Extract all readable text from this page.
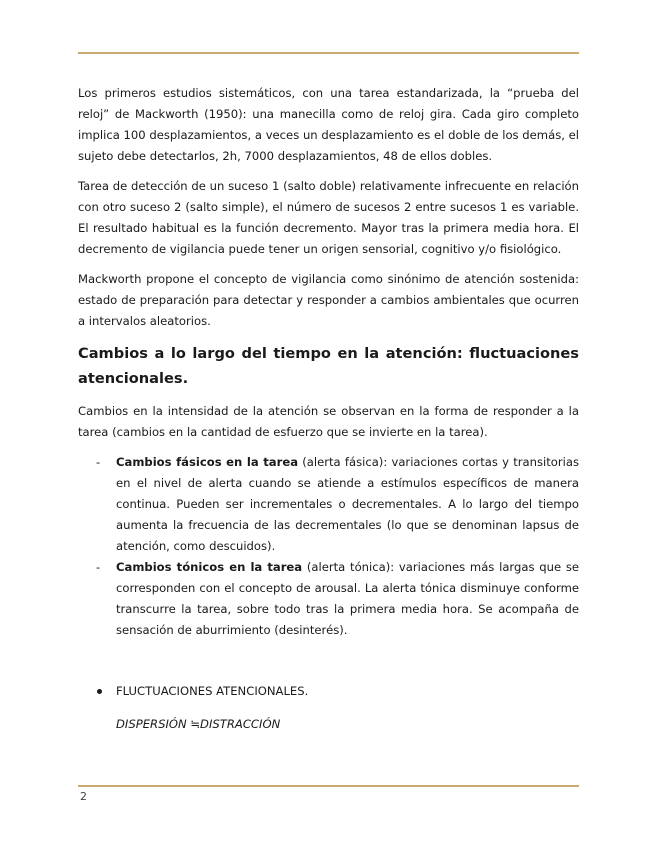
Los primeros estudios sistemáticos, con una tarea estandarizada, la “prueba del reloj” de Mackworth (1950): una manecilla como de reloj gira. Cada giro completo implica 100 desplazamientos, a veces un desplazamiento es el doble de los demás, el sujeto debe detectarlos, 2h, 7000 desplazamientos, 48 de ellos dobles.

Tarea de detección de un suceso 1 (salto doble) relativamente infrecuente en relación con otro suceso 2 (salto simple), el número de sucesos 2 entre sucesos 1 es variable. El resultado habitual es la función decremento. Mayor tras la primera media hora. El decremento de vigilancia puede tener un origen sensorial, cognitivo y/o fisiológico.

Mackworth propone el concepto de vigilancia como sinónimo de atención sostenida: estado de preparación para detectar y responder a cambios ambientales que ocurren a intervalos aleatorios.

Cambios a lo largo del tiempo en la atención: fluctuaciones atencionales.

Cambios en la intensidad de la atención se observan en la forma de responder a la tarea (cambios en la cantidad de esfuerzo que se invierte en la tarea).

- Cambios fásicos en la tarea (alerta fásica): variaciones cortas y transitorias en el nivel de alerta cuando se atiende a estímulos específicos de manera continua. Pueden ser incrementales o decrementales. A lo largo del tiempo aumenta la frecuencia de las decrementales (lo que se denominan lapsus de atención, como descuidos).
- Cambios tónicos en la tarea (alerta tónica): variaciones más largas que se corresponden con el concepto de arousal. La alerta tónica disminuye conforme transcurre la tarea, sobre todo tras la primera media hora. Se acompaña de sensación de aburrimiento (desinterés).
FLUCTUACIONES ATENCIONALES.
DISPERSIÓN ≒DISTRACCIÓN
2
